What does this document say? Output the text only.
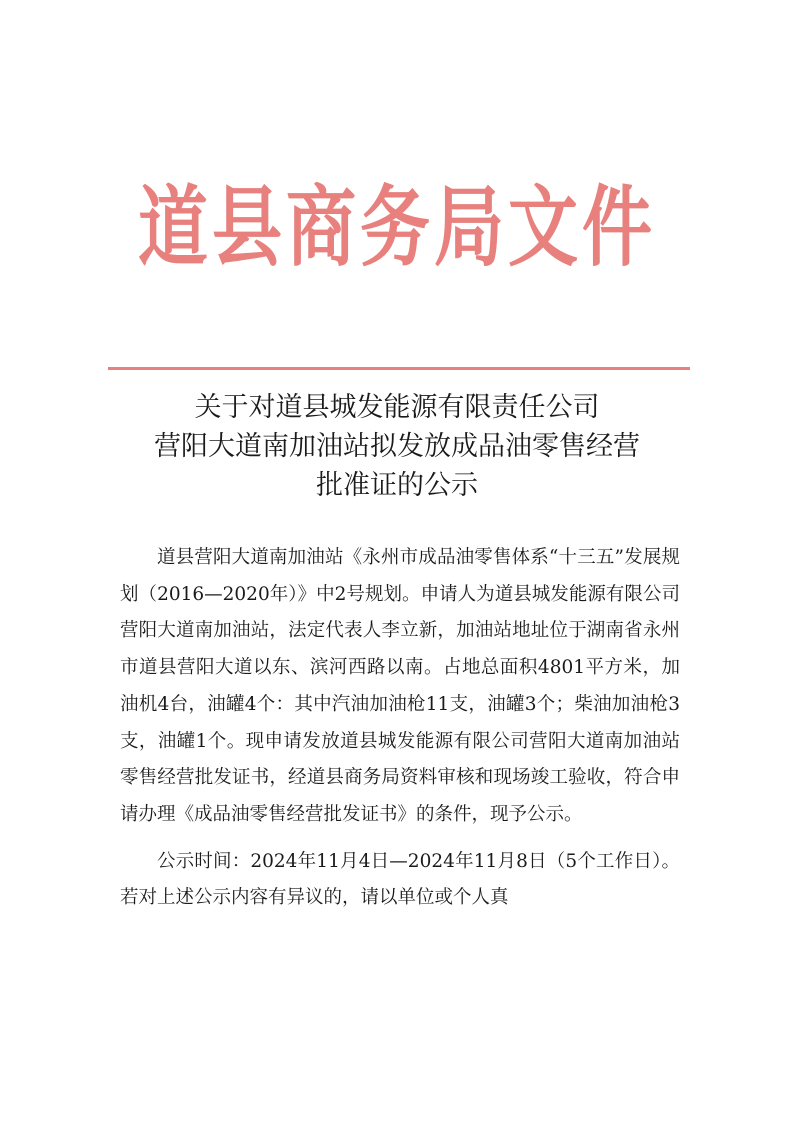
道县商务局文件
关于对道县城发能源有限责任公司
营阳大道南加油站拟发放成品油零售经营
批准证的公示

道县营阳大道南加油站《永州市成品油零售体系“十三五”发展规划（2016—2020年）》中2号规划。申请人为道县城发能源有限公司营阳大道南加油站，法定代表人李立新，加油站地址位于湖南省永州市道县营阳大道以东、滨河西路以南。占地总面积4801平方米，加油机4台，油罐4个：其中汽油加油枪11支，油罐3个；柴油加油枪3支，油罐1个。现申请发放道县城发能源有限公司营阳大道南加油站零售经营批发证书，经道县商务局资料审核和现场竣工验收，符合申请办理《成品油零售经营批发证书》的条件，现予公示。

公示时间：2024年11月4日—2024年11月8日（5个工作日）。若对上述公示内容有异议的，请以单位或个人真
